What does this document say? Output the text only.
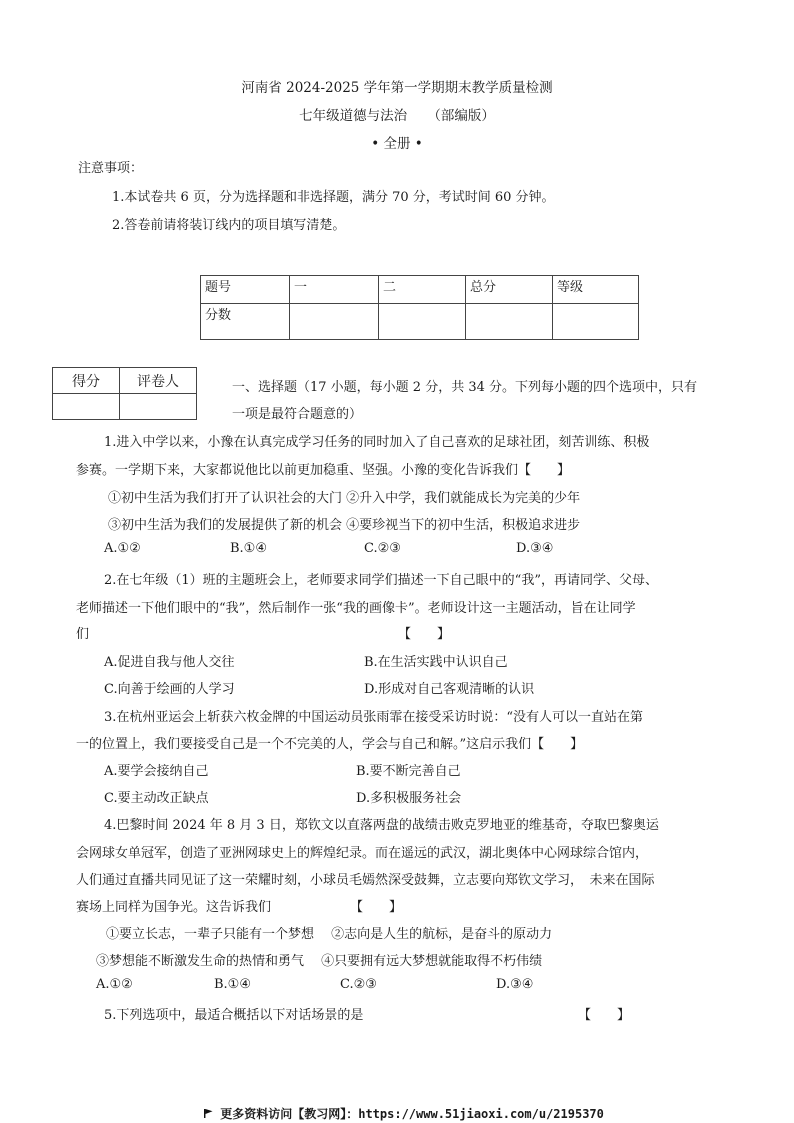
河南省 2024-2025 学年第一学期期末教学质量检测
七年级道德与法治　　（部编版）
• 全册 •
注意事项：
1.本试卷共 6 页，分为选择题和非选择题，满分 70 分，考试时间 60 分钟。
2.答卷前请将装订线内的项目填写清楚。
题号	一	二	总分	等级
分数				
得分	评卷人
		一、选择题（17 小题，每小题 2 分，共 34 分。下列每小题的四个选项中，只有
一项是最符合题意的）
1.进入中学以来，小豫在认真完成学习任务的同时加入了自己喜欢的足球社团，刻苦训练、积极
参赛。一学期下来，大家都说他比以前更加稳重、坚强。小豫的变化告诉我们【　　】
①初中生活为我们打开了认识社会的大门 ②升入中学，我们就能成长为完美的少年
③初中生活为我们的发展提供了新的机会 ④要珍视当下的初中生活，积极追求进步
A.①②	B.①④	C.②③	D.③④
2.在七年级（1）班的主题班会上，老师要求同学们描述一下自己眼中的“我”，再请同学、父母、
老师描述一下他们眼中的“我”，然后制作一张“我的画像卡”。老师设计这一主题活动，旨在让同学
们	【　　】
A.促进自我与他人交往	B.在生活实践中认识自己
C.向善于绘画的人学习	D.形成对自己客观清晰的认识
3.在杭州亚运会上斩获六枚金牌的中国运动员张雨霏在接受采访时说：“没有人可以一直站在第
一的位置上，我们要接受自己是一个不完美的人，学会与自己和解。”这启示我们【　　】
A.要学会接纳自己	B.要不断完善自己
C.要主动改正缺点	D.多积极服务社会
4.巴黎时间 2024 年 8 月 3 日，郑钦文以直落两盘的战绩击败克罗地亚的维基奇，夺取巴黎奥运
会网球女单冠军，创造了亚洲网球史上的辉煌纪录。而在遥远的武汉，湖北奥体中心网球综合馆内，
人们通过直播共同见证了这一荣耀时刻，小球员毛嫣然深受鼓舞，立志要向郑钦文学习，　未来在国际
赛场上同样为国争光。这告诉我们	【　　】
①要立长志，一辈子只能有一个梦想　 ②志向是人生的航标，是奋斗的原动力
③梦想能不断激发生命的热情和勇气　 ④只要拥有远大梦想就能取得不朽伟绩
A.①②	B.①④	C.②③	D.③④
5.下列选项中，最适合概括以下对话场景的是	【　　】
更多资料访问【教习网】：https://www.51jiaoxi.com/u/2195370
